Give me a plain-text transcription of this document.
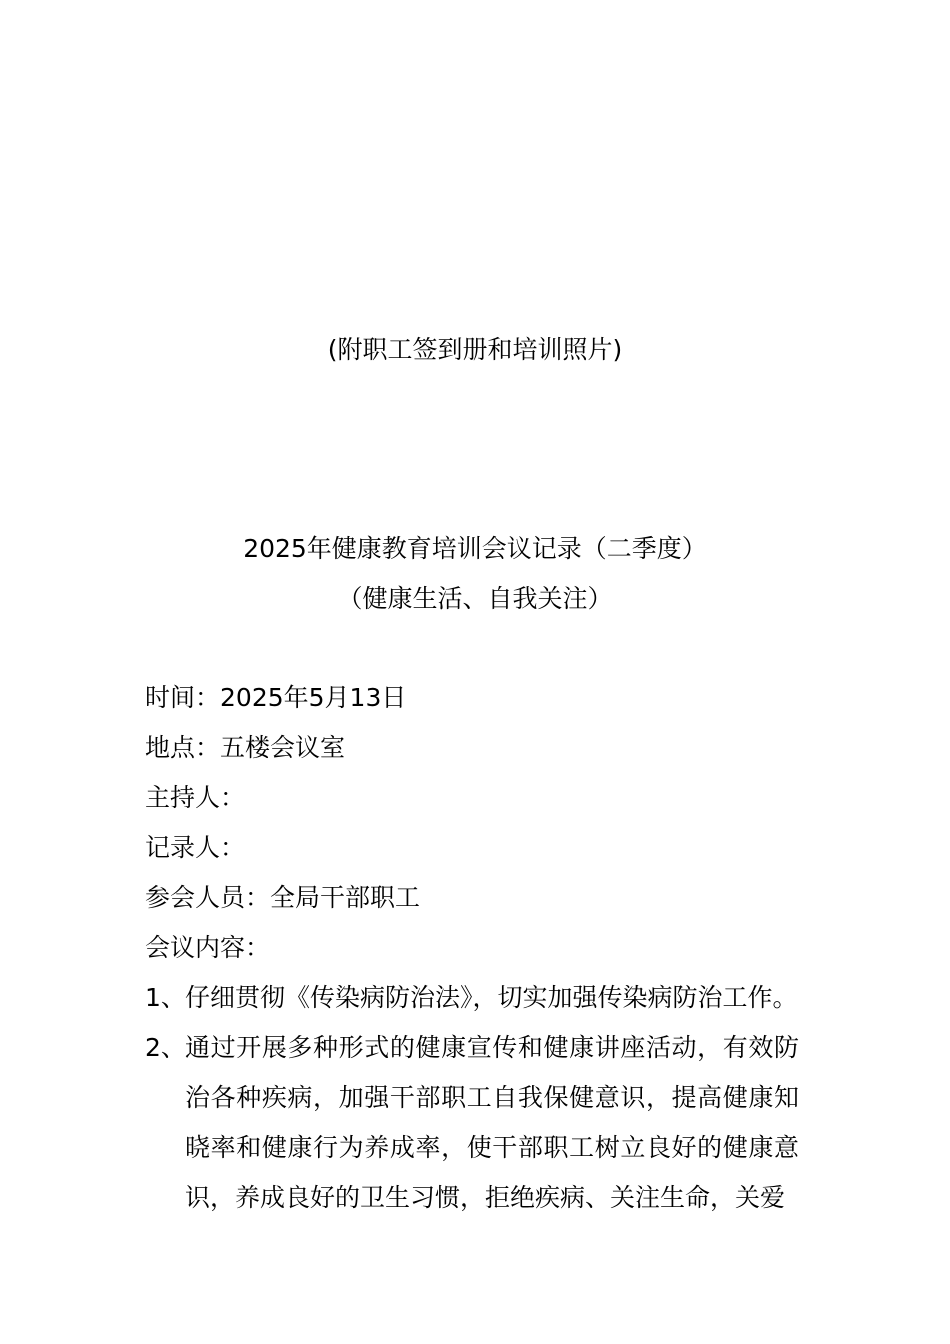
(附职工签到册和培训照片)
2025年健康教育培训会议记录（二季度）
（健康生活、自我关注）
时间：2025年5月13日
地点：五楼会议室
主持人：
记录人：
参会人员：全局干部职工
会议内容：
1、 仔细贯彻《传染病防治法》，切实加强传染病防治工作。
2、 通过开展多种形式的健康宣传和健康讲座活动，有效防治各种疾病，加强干部职工自我保健意识，提高健康知晓率和健康行为养成率，使干部职工树立良好的健康意识，养成良好的卫生习惯，拒绝疾病、关注生命，关爱
